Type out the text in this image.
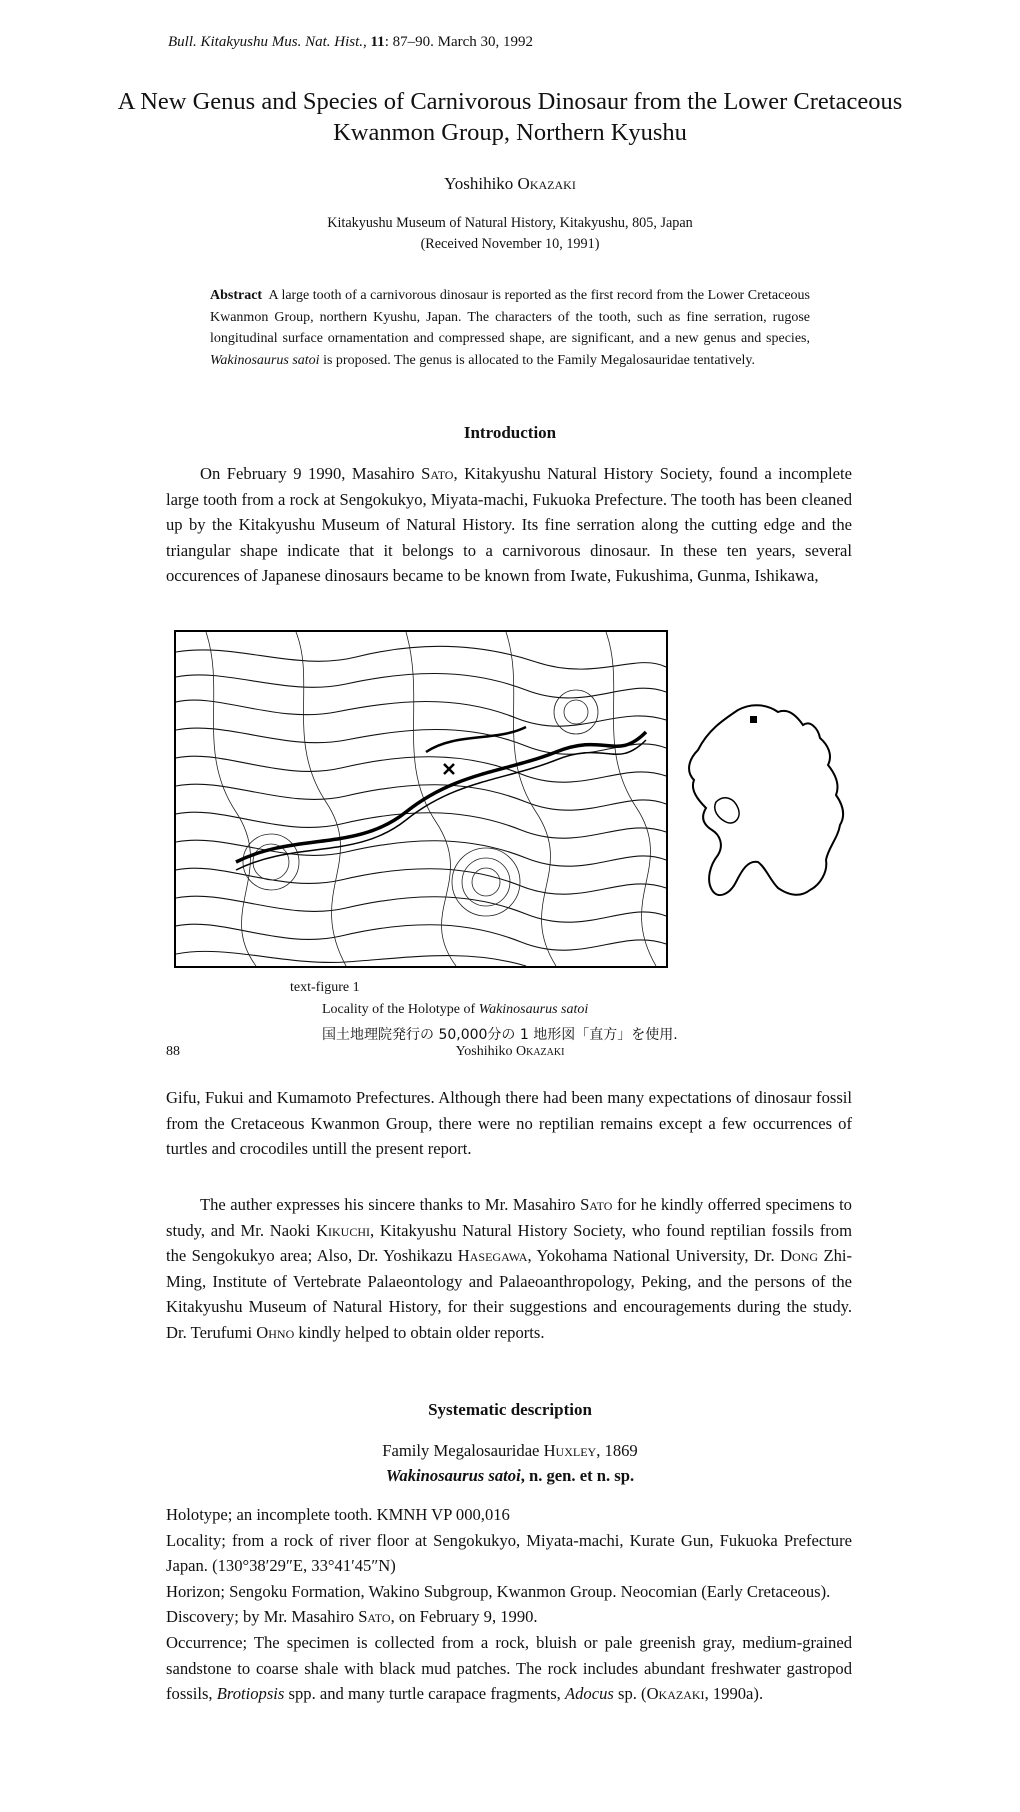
Bull. Kitakyushu Mus. Nat. Hist., 11: 87–90. March 30, 1992
A New Genus and Species of Carnivorous Dinosaur from the Lower Cretaceous Kwanmon Group, Northern Kyushu
Yoshihiko Okazaki
Kitakyushu Museum of Natural History, Kitakyushu, 805, Japan
(Received November 10, 1991)
Abstract A large tooth of a carnivorous dinosaur is reported as the first record from the Lower Cretaceous Kwanmon Group, northern Kyushu, Japan. The characters of the tooth, such as fine serration, rugose longitudinal surface ornamentation and compressed shape, are significant, and a new genus and species, Wakinosaurus satoi is proposed. The genus is allocated to the Family Megalosauridae tentatively.
Introduction

On February 9 1990, Masahiro Sato, Kitakyushu Natural History Society, found a incomplete large tooth from a rock at Sengokukyo, Miyata-machi, Fukuoka Prefecture. The tooth has been cleaned up by the Kitakyushu Museum of Natural History. Its fine serration along the cutting edge and the triangular shape indicate that it belongs to a carnivorous dinosaur. In these ten years, several occurences of Japanese dinosaurs became to be known from Iwate, Fukushima, Gunma, Ishikawa,

text-figure 1
Locality of the Holotype of Wakinosaurus satoi
国土地理院発行の 50,000分の 1 地形図「直方」を使用.
88	Yoshihiko Okazaki

Gifu, Fukui and Kumamoto Prefectures. Although there had been many expectations of dinosaur fossil from the Cretaceous Kwanmon Group, there were no reptilian remains except a few occurrences of turtles and crocodiles untill the present report.

The auther expresses his sincere thanks to Mr. Masahiro Sato for he kindly offerred specimens to study, and Mr. Naoki Kikuchi, Kitakyushu Natural History Society, who found reptilian fossils from the Sengokukyo area; Also, Dr. Yoshikazu Hasegawa, Yokohama National University, Dr. Dong Zhi-Ming, Institute of Vertebrate Palaeontology and Palaeoanthropology, Peking, and the persons of the Kitakyushu Museum of Natural History, for their suggestions and encouragements during the study. Dr. Terufumi Ohno kindly helped to obtain older reports.

Systematic description
Family Megalosauridae Huxley, 1869
Wakinosaurus satoi, n. gen. et n. sp.

Holotype; an incomplete tooth. KMNH VP 000,016

Locality; from a rock of river floor at Sengokukyo, Miyata-machi, Kurate Gun, Fukuoka Prefecture Japan. (130°38′29″E, 33°41′45″N)

Horizon; Sengoku Formation, Wakino Subgroup, Kwanmon Group. Neocomian (Early Cretaceous).

Discovery; by Mr. Masahiro Sato, on February 9, 1990.

Occurrence; The specimen is collected from a rock, bluish or pale greenish gray, medium-grained sandstone to coarse shale with black mud patches. The rock includes abundant freshwater gastropod fossils, Brotiopsis spp. and many turtle carapace fragments, Adocus sp. (Okazaki, 1990a).
